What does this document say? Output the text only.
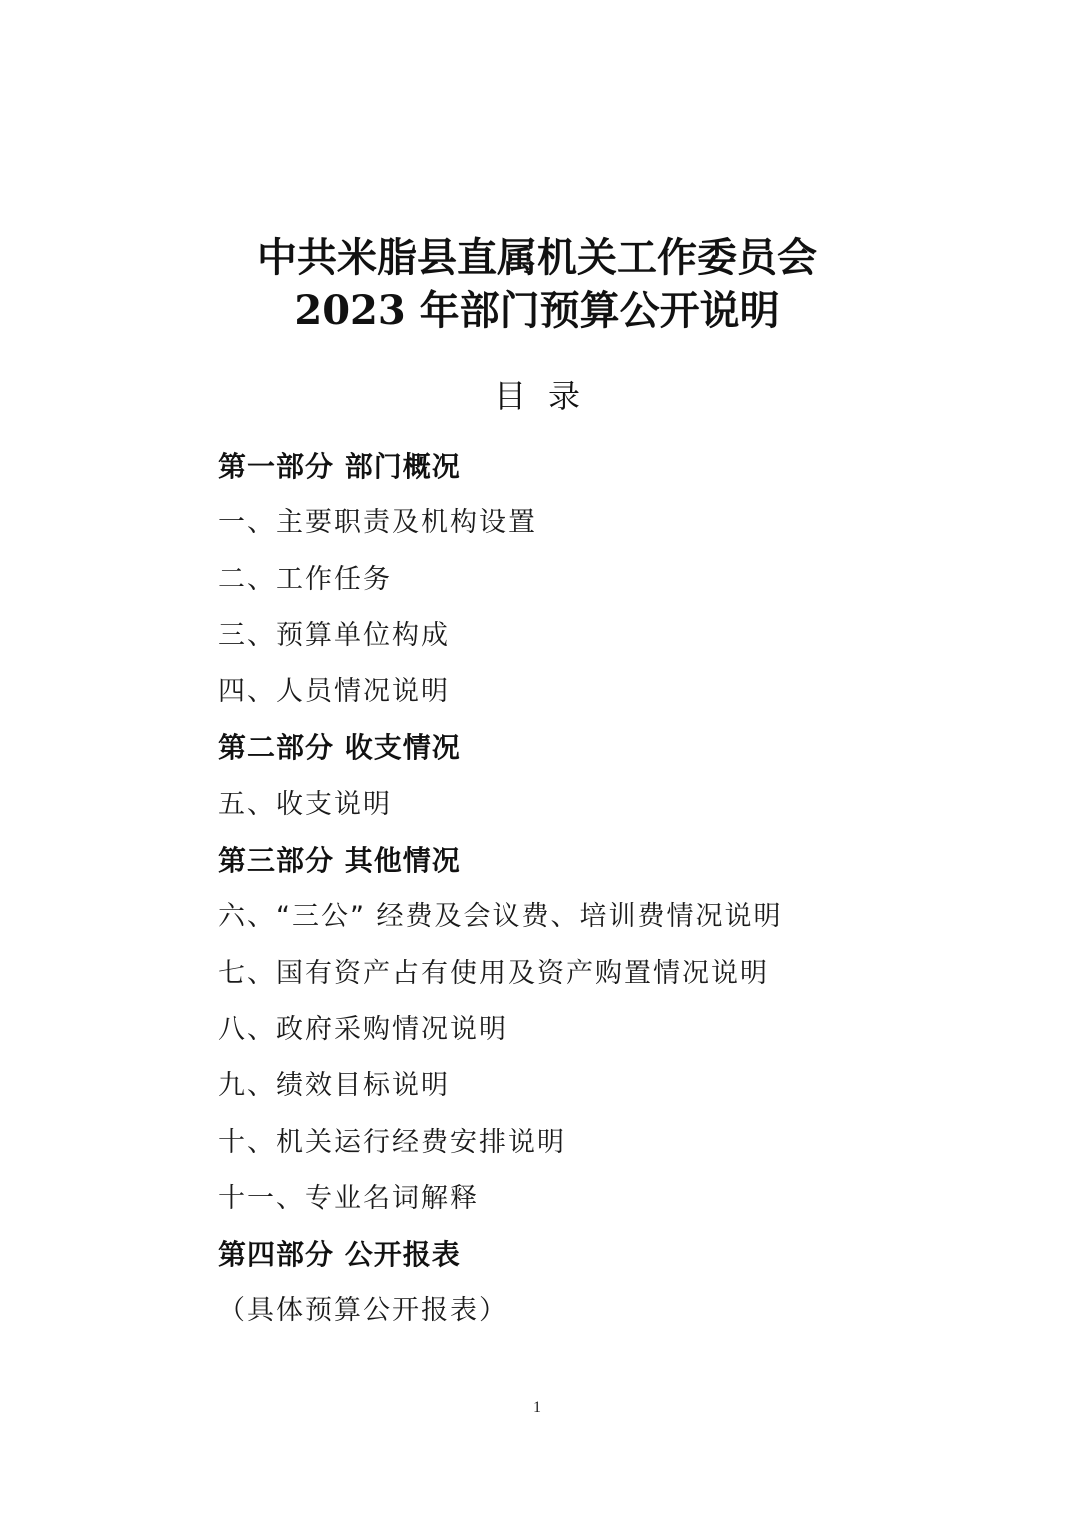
中共米脂县直属机关工作委员会
2023 年部门预算公开说明
目录
第一部分 部门概况
一、主要职责及机构设置
二、工作任务
三、预算单位构成
四、人员情况说明
第二部分 收支情况
五、收支说明
第三部分 其他情况
六、“三公” 经费及会议费、培训费情况说明
七、国有资产占有使用及资产购置情况说明
八、政府采购情况说明
九、绩效目标说明
十、机关运行经费安排说明
十一、专业名词解释
第四部分 公开报表
（具体预算公开报表）
1
